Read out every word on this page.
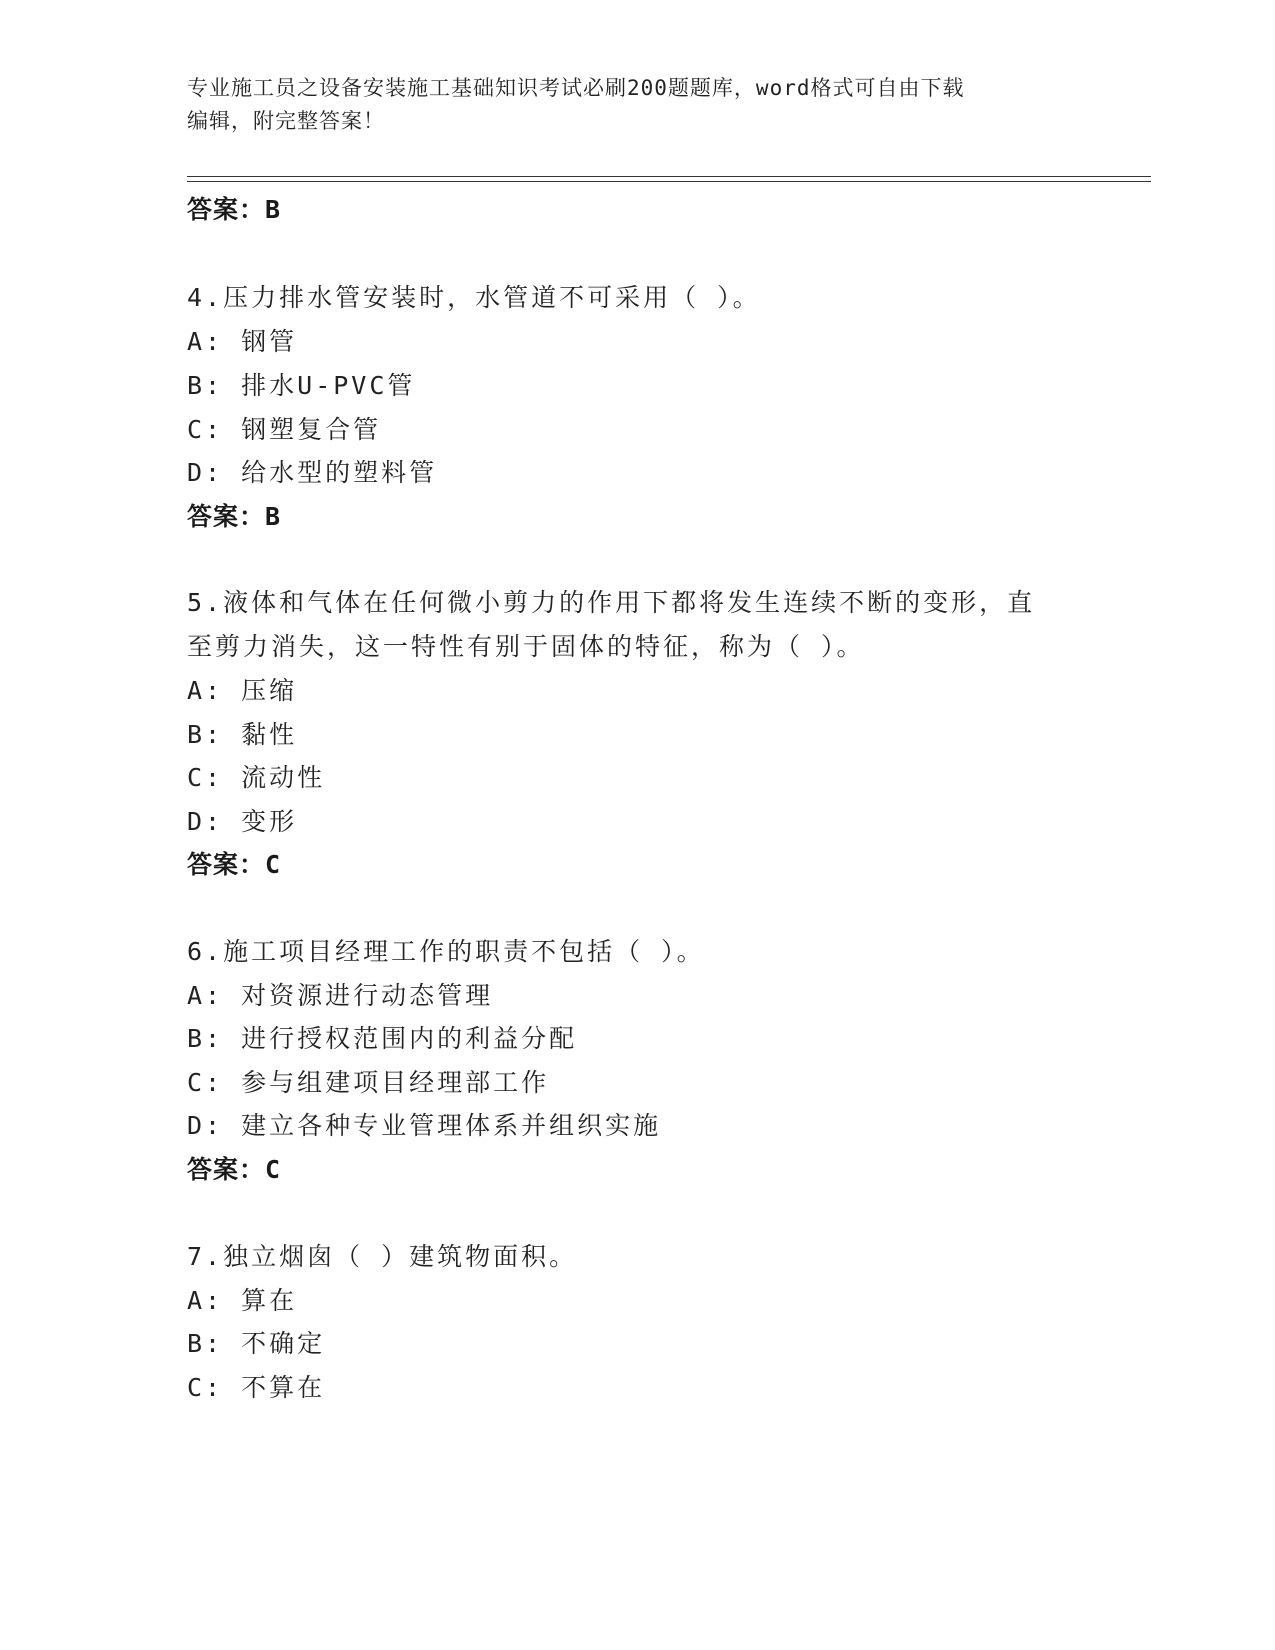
专业施工员之设备安装施工基础知识考试必刷200题题库，word格式可自由下载
编辑，附完整答案！
答案：B
4.压力排水管安装时，水管道不可采用（ ）。
A: 钢管
B: 排水U-PVC管
C: 钢塑复合管
D: 给水型的塑料管
答案：B
5.液体和气体在任何微小剪力的作用下都将发生连续不断的变形，直
至剪力消失，这一特性有别于固体的特征，称为（ ）。
A: 压缩
B: 黏性
C: 流动性
D: 变形
答案：C
6.施工项目经理工作的职责不包括（ ）。
A: 对资源进行动态管理
B: 进行授权范围内的利益分配
C: 参与组建项目经理部工作
D: 建立各种专业管理体系并组织实施
答案：C
7.独立烟囱（ ）建筑物面积。
A: 算在
B: 不确定
C: 不算在
